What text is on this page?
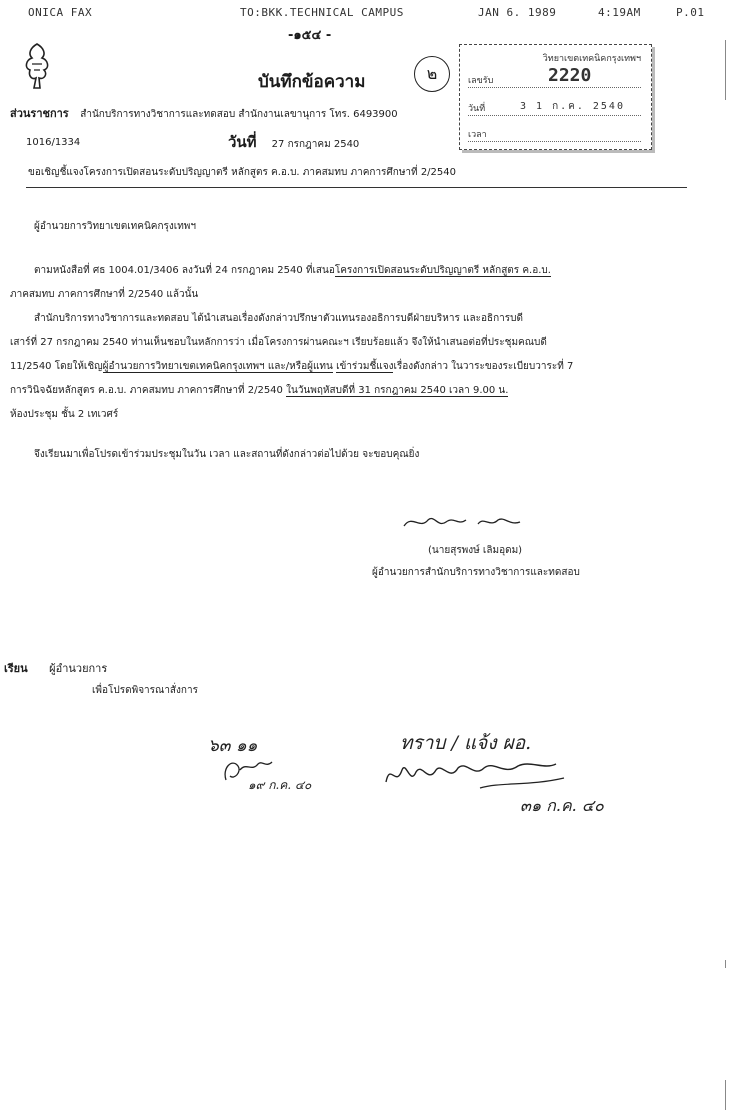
ONICA FAX	TO:BKK.TECHNICAL CAMPUS	JAN 6. 1989	4:19AM	P.01
-๑๕๔ -
บันทึกข้อความ	๒
วิทยาเขตเทคนิคกรุงเทพฯ
เลขรับ	2220
วันที่	3 1 ก.ค. 2540
เวลา
ส่วนราชการ สำนักบริการทางวิชาการและทดสอบ สำนักงานเลขานุการ โทร. 6493900
1016/1334	วันที่ 27 กรกฎาคม 2540
ขอเชิญชี้แจงโครงการเปิดสอนระดับปริญญาตรี หลักสูตร ค.อ.บ. ภาคสมทบ ภาคการศึกษาที่ 2/2540
ผู้อำนวยการวิทยาเขตเทคนิคกรุงเทพฯ
ตามหนังสือที่ ศธ 1004.01/3406 ลงวันที่ 24 กรกฎาคม 2540 ที่เสนอโครงการเปิดสอนระดับปริญญาตรี หลักสูตร ค.อ.บ.
ภาคสมทบ ภาคการศึกษาที่ 2/2540 แล้วนั้น
สำนักบริการทางวิชาการและทดสอบ ได้นำเสนอเรื่องดังกล่าวปรึกษาตัวแทนรองอธิการบดีฝ่ายบริหาร และอธิการบดี
เสาร์ที่ 27 กรกฎาคม 2540 ท่านเห็นชอบในหลักการว่า เมื่อโครงการผ่านคณะฯ เรียบร้อยแล้ว จึงให้นำเสนอต่อที่ประชุมคณบดี
11/2540 โดยให้เชิญผู้อำนวยการวิทยาเขตเทคนิคกรุงเทพฯ และ/หรือผู้แทน เข้าร่วมชี้แจงเรื่องดังกล่าว ในวาระของระเบียบวาระที่ 7
การวินิจฉัยหลักสูตร ค.อ.บ. ภาคสมทบ ภาคการศึกษาที่ 2/2540 ในวันพฤหัสบดีที่ 31 กรกฎาคม 2540 เวลา 9.00 น.
ห้องประชุม ชั้น 2 เทเวศร์
จึงเรียนมาเพื่อโปรดเข้าร่วมประชุมในวัน เวลา และสถานที่ดังกล่าวต่อไปด้วย จะขอบคุณยิ่ง
(นายสุรพงษ์ เลิมอุดม)
ผู้อำนวยการสำนักบริการทางวิชาการและทดสอบ
เรียน ผู้อำนวยการ
เพื่อโปรดพิจารณาสั่งการ
๖๓ ๑๑
๑๙ ก.ค. ๔๐
ทราบ / แจ้ง ผอ.
๓๑ ก.ค. ๔๐
